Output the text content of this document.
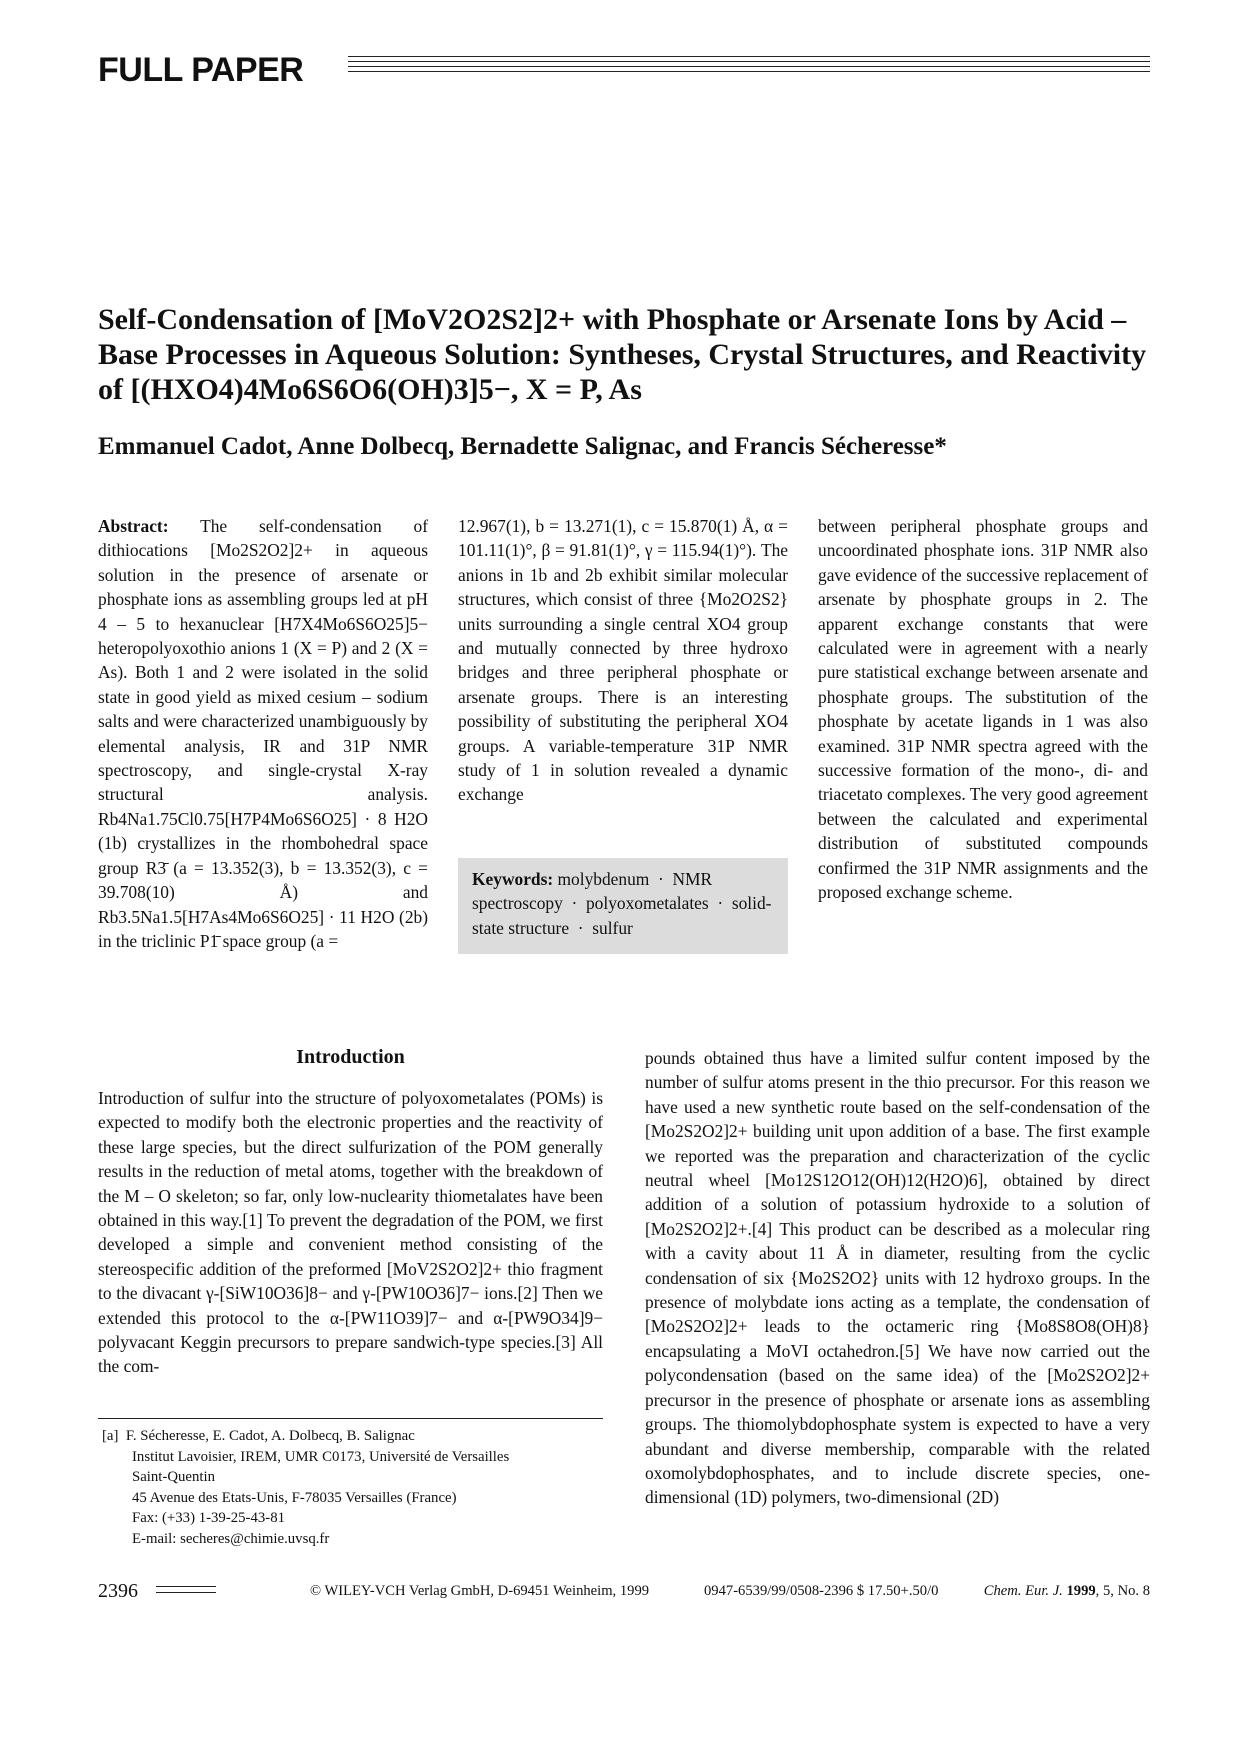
FULL PAPER
Self-Condensation of [MoV2O2S2]2+ with Phosphate or Arsenate Ions by Acid – Base Processes in Aqueous Solution: Syntheses, Crystal Structures, and Reactivity of [(HXO4)4Mo6S6O6(OH)3]5−, X = P, As
Emmanuel Cadot, Anne Dolbecq, Bernadette Salignac, and Francis Sécheresse*

Abstract: The self-condensation of dithiocations [Mo2S2O2]2+ in aqueous solution in the presence of arsenate or phosphate ions as assembling groups led at pH 4 – 5 to hexanuclear [H7X4Mo6S6O25]5− heteropolyoxothio anions 1 (X = P) and 2 (X = As). Both 1 and 2 were isolated in the solid state in good yield as mixed cesium – sodium salts and were characterized unambiguously by elemental analysis, IR and 31P NMR spectroscopy, and single-crystal X-ray structural analysis. Rb4Na1.75Cl0.75[H7P4Mo6S6O25] · 8 H2O (1b) crystallizes in the rhombohedral space group R3̄ (a = 13.352(3), b = 13.352(3), c = 39.708(10) Å) and Rb3.5Na1.5[H7As4Mo6S6O25] · 11 H2O (2b) in the triclinic P1̄ space group (a =

12.967(1), b = 13.271(1), c = 15.870(1) Å, α = 101.11(1)°, β = 91.81(1)°, γ = 115.94(1)°). The anions in 1b and 2b exhibit similar molecular structures, which consist of three {Mo2O2S2} units surrounding a single central XO4 group and mutually connected by three hydroxo bridges and three peripheral phosphate or arsenate groups. There is an interesting possibility of substituting the peripheral XO4 groups. A variable-temperature 31P NMR study of 1 in solution revealed a dynamic exchange

between peripheral phosphate groups and uncoordinated phosphate ions. 31P NMR also gave evidence of the successive replacement of arsenate by phosphate groups in 2. The apparent exchange constants that were calculated were in agreement with a nearly pure statistical exchange between arsenate and phosphate groups. The substitution of the phosphate by acetate ligands in 1 was also examined. 31P NMR spectra agreed with the successive formation of the mono-, di- and triacetato complexes. The very good agreement between the calculated and experimental distribution of substituted compounds confirmed the 31P NMR assignments and the proposed exchange scheme.

Keywords: molybdenum  ·  NMR spectroscopy  ·  polyoxometalates  ·  solid-state structure  ·  sulfur

Introduction

Introduction of sulfur into the structure of polyoxometalates (POMs) is expected to modify both the electronic properties and the reactivity of these large species, but the direct sulfurization of the POM generally results in the reduction of metal atoms, together with the breakdown of the M – O skeleton; so far, only low-nuclearity thiometalates have been obtained in this way.[1] To prevent the degradation of the POM, we first developed a simple and convenient method consisting of the stereospecific addition of the preformed [MoV2S2O2]2+ thio fragment to the divacant γ-[SiW10O36]8− and γ-[PW10O36]7− ions.[2] Then we extended this protocol to the α-[PW11O39]7− and α-[PW9O34]9− polyvacant Keggin precursors to prepare sandwich-type species.[3] All the com-

pounds obtained thus have a limited sulfur content imposed by the number of sulfur atoms present in the thio precursor. For this reason we have used a new synthetic route based on the self-condensation of the [Mo2S2O2]2+ building unit upon addition of a base. The first example we reported was the preparation and characterization of the cyclic neutral wheel [Mo12S12O12(OH)12(H2O)6], obtained by direct addition of a solution of potassium hydroxide to a solution of [Mo2S2O2]2+.[4] This product can be described as a molecular ring with a cavity about 11 Å in diameter, resulting from the cyclic condensation of six {Mo2S2O2} units with 12 hydroxo groups. In the presence of molybdate ions acting as a template, the condensation of [Mo2S2O2]2+ leads to the octameric ring {Mo8S8O8(OH)8} encapsulating a MoVI octahedron.[5] We have now carried out the polycondensation (based on the same idea) of the [Mo2S2O2]2+ precursor in the presence of phosphate or arsenate ions as assembling groups. The thiomolybdophosphate system is expected to have a very abundant and diverse membership, comparable with the related oxomolybdophosphates, and to include discrete species, one-dimensional (1D) polymers, two-dimensional (2D)

[a] F. Sécheresse, E. Cadot, A. Dolbecq, B. Salignac
Institut Lavoisier, IREM, UMR C0173, Université de Versailles
Saint-Quentin
45 Avenue des Etats-Unis, F-78035 Versailles (France)
Fax: (+33) 1-39-25-43-81
E-mail: secheres@chimie.uvsq.fr
2396	© WILEY-VCH Verlag GmbH, D-69451 Weinheim, 1999	0947-6539/99/0508-2396 $ 17.50+.50/0	Chem. Eur. J. 1999, 5, No. 8
